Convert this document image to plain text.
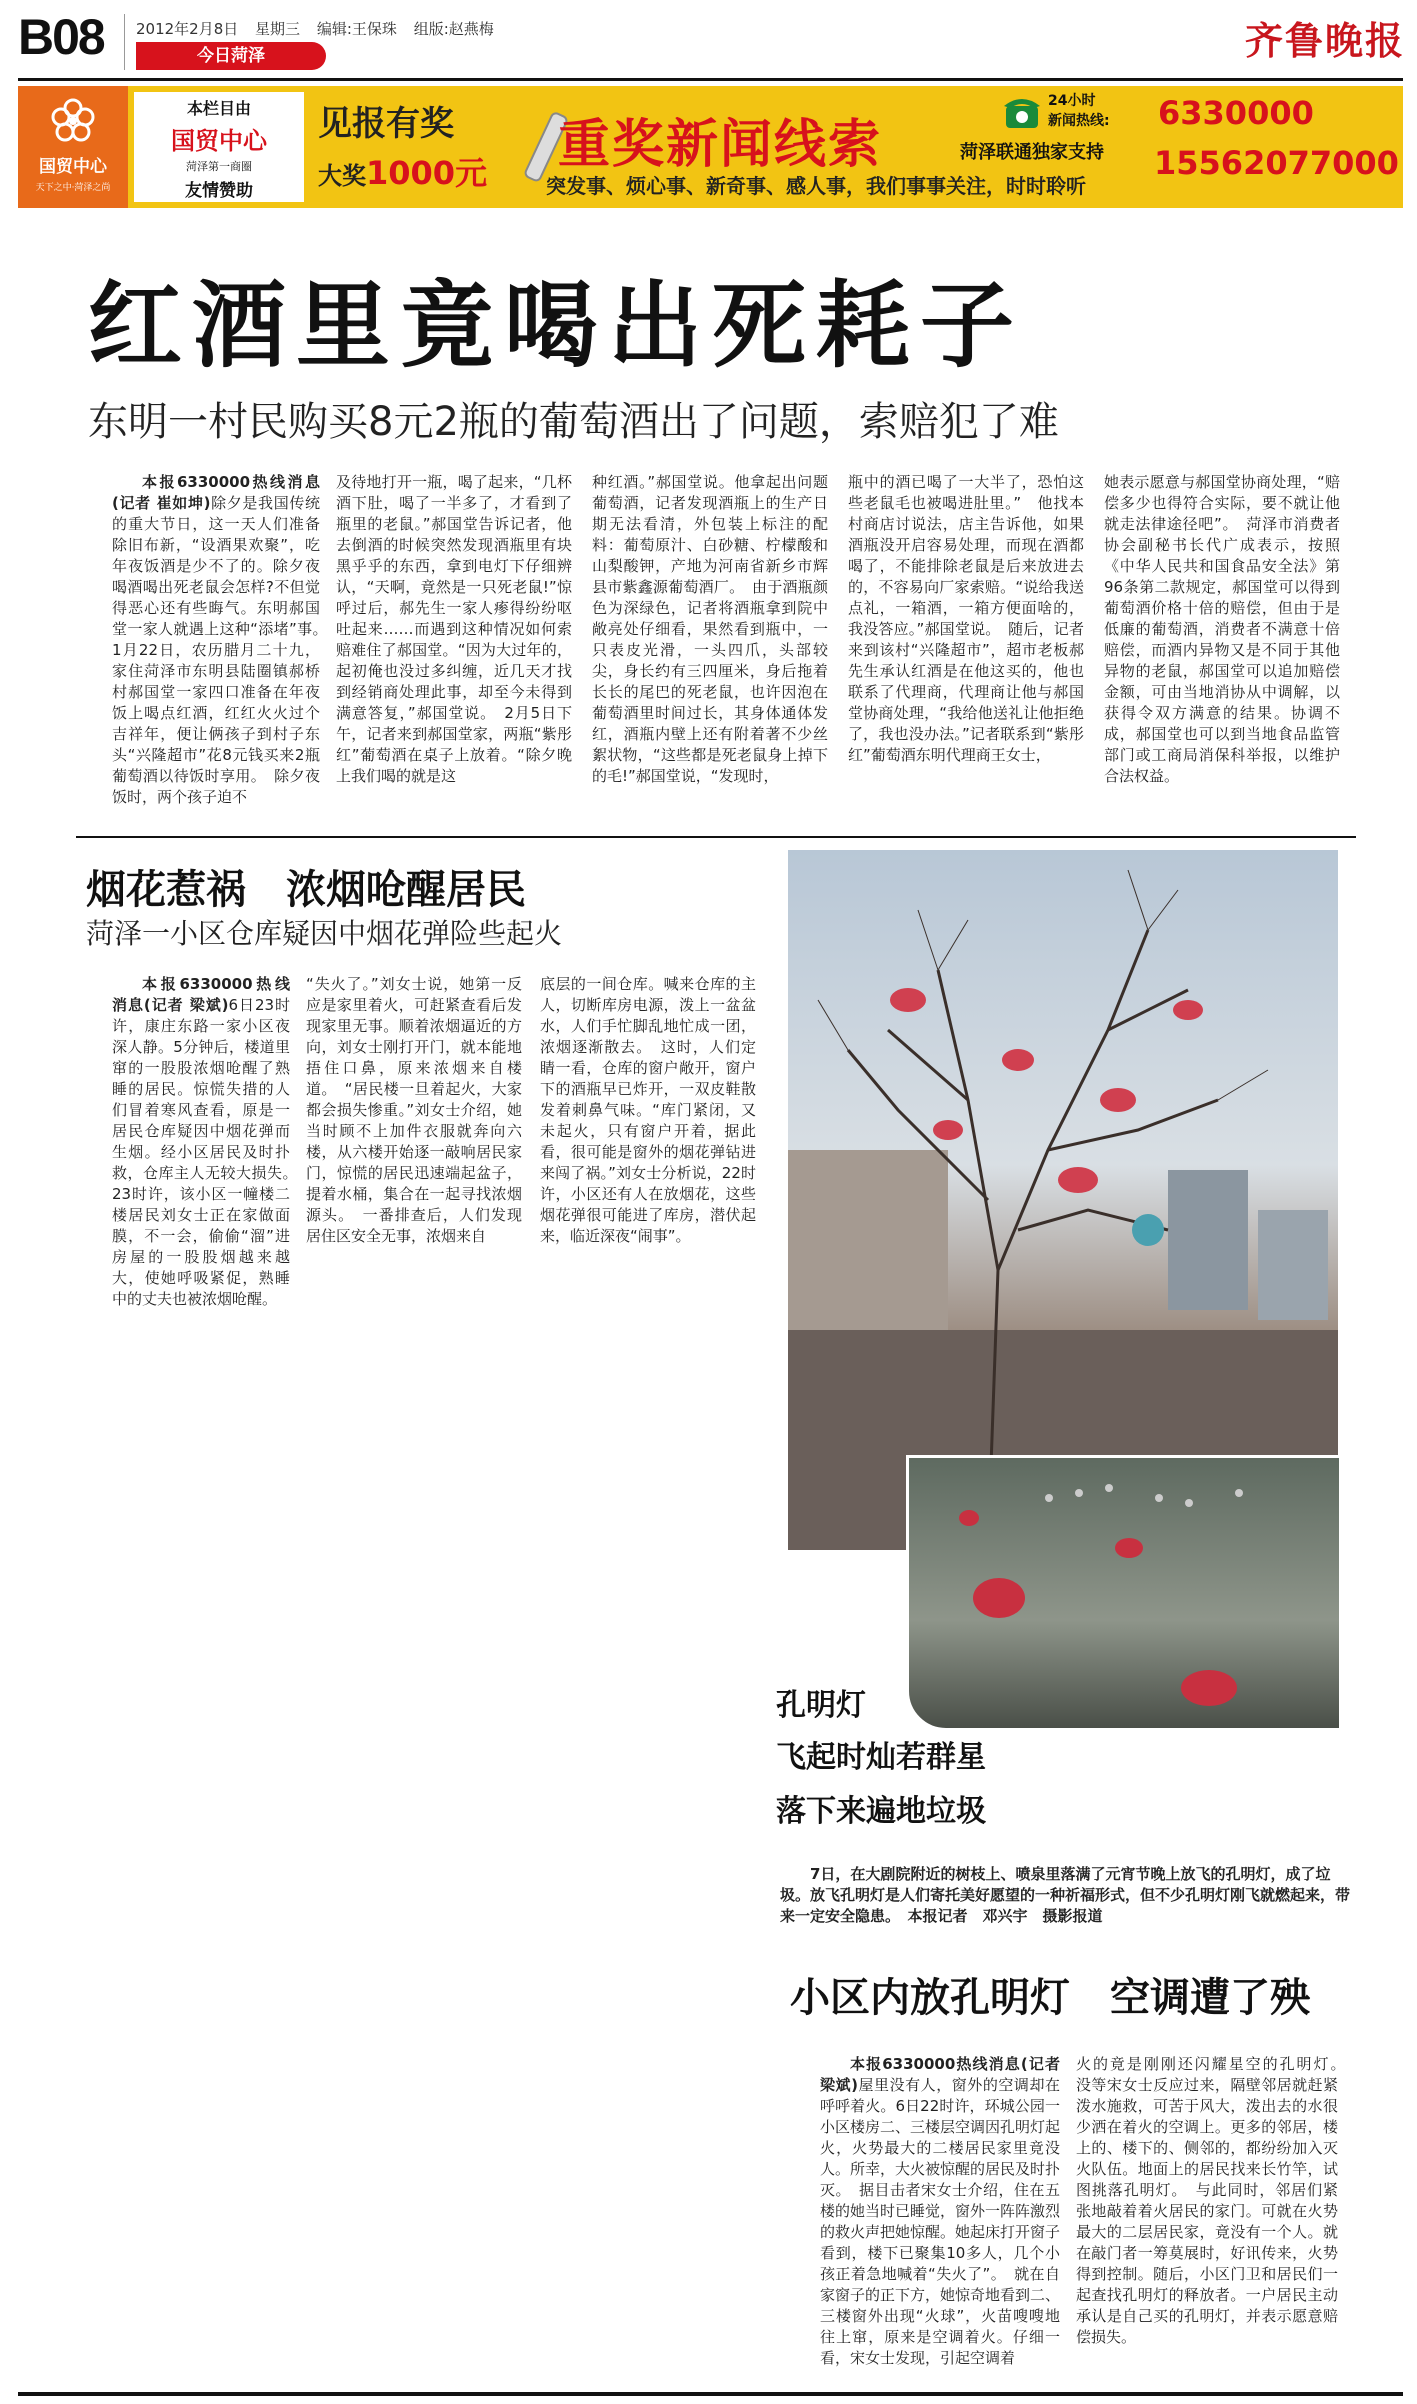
B08 2012年2月8日 星期三 编辑:王保珠 组版:赵燕梅
今日菏泽	齐鲁晚报
国贸中心
天下之中·菏泽之尚
本栏目由
国贸中心
菏泽第一商圈
友情赞助
见报有奖
大奖1000元 重奖新闻线索
突发事、烦心事、新奇事、感人事，我们事事关注，时时聆听
24小时
新闻热线:
菏泽联通独家支持
6330000
15562077000
红酒里竟喝出死耗子
东明一村民购买8元2瓶的葡萄酒出了问题，索赔犯了难

本报6330000热线消息(记者 崔如坤)除夕是我国传统的重大节日，这一天人们准备除旧布新，“设酒果欢聚”，吃年夜饭酒是少不了的。除夕夜喝酒喝出死老鼠会怎样?不但觉得恶心还有些晦气。东明郝国堂一家人就遇上这种“添堵”事。　1月22日，农历腊月二十九，家住菏泽市东明县陆圈镇郝桥村郝国堂一家四口准备在年夜饭上喝点红酒，红红火火过个吉祥年，便让俩孩子到村子东头“兴隆超市”花8元钱买来2瓶葡萄酒以待饭时享用。　除夕夜饭时，两个孩子迫不

及待地打开一瓶，喝了起来，“几杯酒下肚，喝了一半多了，才看到了瓶里的老鼠。”郝国堂告诉记者，他去倒酒的时候突然发现酒瓶里有块黑乎乎的东西，拿到电灯下仔细辨认，“天啊，竟然是一只死老鼠!”惊呼过后，郝先生一家人瘆得纷纷呕吐起来……而遇到这种情况如何索赔难住了郝国堂。“因为大过年的，起初俺也没过多纠缠，近几天才找到经销商处理此事，却至今未得到满意答复，”郝国堂说。　2月5日下午，记者来到郝国堂家，两瓶“紫彤红”葡萄酒在桌子上放着。“除夕晚上我们喝的就是这

种红酒。”郝国堂说。他拿起出问题葡萄酒，记者发现酒瓶上的生产日期无法看清，外包装上标注的配料：葡萄原汁、白砂糖、柠檬酸和山梨酸钾，产地为河南省新乡市辉县市紫鑫源葡萄酒厂。　由于酒瓶颜色为深绿色，记者将酒瓶拿到院中敞亮处仔细看，果然看到瓶中，一只表皮光滑，一头四爪，头部较尖，身长约有三四厘米，身后拖着长长的尾巴的死老鼠，也许因泡在葡萄酒里时间过长，其身体通体发红，酒瓶内壁上还有附着著不少丝絮状物，“这些都是死老鼠身上掉下的毛!”郝国堂说，“发现时，

瓶中的酒已喝了一大半了，恐怕这些老鼠毛也被喝进肚里。”　他找本村商店讨说法，店主告诉他，如果酒瓶没开启容易处理，而现在酒都喝了，不能排除老鼠是后来放进去的，不容易向厂家索赔。“说给我送点礼，一箱酒，一箱方便面啥的，我没答应。”郝国堂说。　随后，记者来到该村“兴隆超市”，超市老板郝先生承认红酒是在他这买的，他也联系了代理商，代理商让他与郝国堂协商处理，“我给他送礼让他拒绝了，我也没办法。”记者联系到“紫彤红”葡萄酒东明代理商王女士，

她表示愿意与郝国堂协商处理，“赔偿多少也得符合实际，要不就让他就走法律途径吧”。　菏泽市消费者协会副秘书长代广成表示，按照《中华人民共和国食品安全法》第96条第二款规定，郝国堂可以得到葡萄酒价格十倍的赔偿，但由于是低廉的葡萄酒，消费者不满意十倍赔偿，而酒内异物又是不同于其他异物的老鼠，郝国堂可以追加赔偿金额，可由当地消协从中调解，以获得令双方满意的结果。协调不成，郝国堂也可以到当地食品监管部门或工商局消保科举报，以维护合法权益。

烟花惹祸　浓烟呛醒居民
菏泽一小区仓库疑因中烟花弹险些起火

本报6330000热线消息(记者 梁斌)6日23时许，康庄东路一家小区夜深人静。5分钟后，楼道里窜的一股股浓烟呛醒了熟睡的居民。惊慌失措的人们冒着寒风查看，原是一居民仓库疑因中烟花弹而生烟。经小区居民及时扑救，仓库主人无较大损失。　23时许，该小区一幢楼二楼居民刘女士正在家做面膜，不一会，偷偷“溜”进房屋的一股股烟越来越大，使她呼吸紧促，熟睡中的丈夫也被浓烟呛醒。

“失火了。”刘女士说，她第一反应是家里着火，可赶紧查看后发现家里无事。顺着浓烟逼近的方向，刘女士刚打开门，就本能地捂住口鼻，原来浓烟来自楼道。　“居民楼一旦着起火，大家都会损失惨重。”刘女士介绍，她当时顾不上加件衣服就奔向六楼，从六楼开始逐一敲响居民家门，惊慌的居民迅速端起盆子，提着水桶，集合在一起寻找浓烟源头。　一番排查后，人们发现居住区安全无事，浓烟来自

底层的一间仓库。喊来仓库的主人，切断库房电源，泼上一盆盆水，人们手忙脚乱地忙成一团，浓烟逐渐散去。　这时，人们定睛一看，仓库的窗户敞开，窗户下的酒瓶早已炸开，一双皮鞋散发着刺鼻气味。“库门紧闭，又未起火，只有窗户开着，据此看，很可能是窗外的烟花弹钻进来闯了祸。”刘女士分析说，22时许，小区还有人在放烟花，这些烟花弹很可能进了库房，潜伏起来，临近深夜“闹事”。

孔明灯
飞起时灿若群星
落下来遍地垃圾

7日，在大剧院附近的树枝上、喷泉里落满了元宵节晚上放飞的孔明灯，成了垃圾。放飞孔明灯是人们寄托美好愿望的一种祈福形式，但不少孔明灯刚飞就燃起来，带来一定安全隐患。　本报记者　邓兴宇　摄影报道

小区内放孔明灯　空调遭了殃

本报6330000热线消息(记者 梁斌)屋里没有人，窗外的空调却在呼呼着火。6日22时许，环城公园一小区楼房二、三楼层空调因孔明灯起火，火势最大的二楼居民家里竟没人。所幸，大火被惊醒的居民及时扑灭。　据目击者宋女士介绍，住在五楼的她当时已睡觉，窗外一阵阵激烈的救火声把她惊醒。她起床打开窗子看到，楼下已聚集10多人，几个小孩正着急地喊着“失火了”。　就在自家窗子的正下方，她惊奇地看到二、三楼窗外出现“火球”，火苗嗖嗖地往上窜，原来是空调着火。仔细一看，宋女士发现，引起空调着

火的竟是刚刚还闪耀星空的孔明灯。　没等宋女士反应过来，隔壁邻居就赶紧泼水施救，可苦于风大，泼出去的水很少洒在着火的空调上。更多的邻居，楼上的、楼下的、侧邻的，都纷纷加入灭火队伍。地面上的居民找来长竹竿，试图挑落孔明灯。　与此同时，邻居们紧张地敲着着火居民的家门。可就在火势最大的二层居民家，竟没有一个人。就在敲门者一筹莫展时，好讯传来，火势得到控制。随后，小区门卫和居民们一起查找孔明灯的释放者。一户居民主动承认是自己买的孔明灯，并表示愿意赔偿损失。
